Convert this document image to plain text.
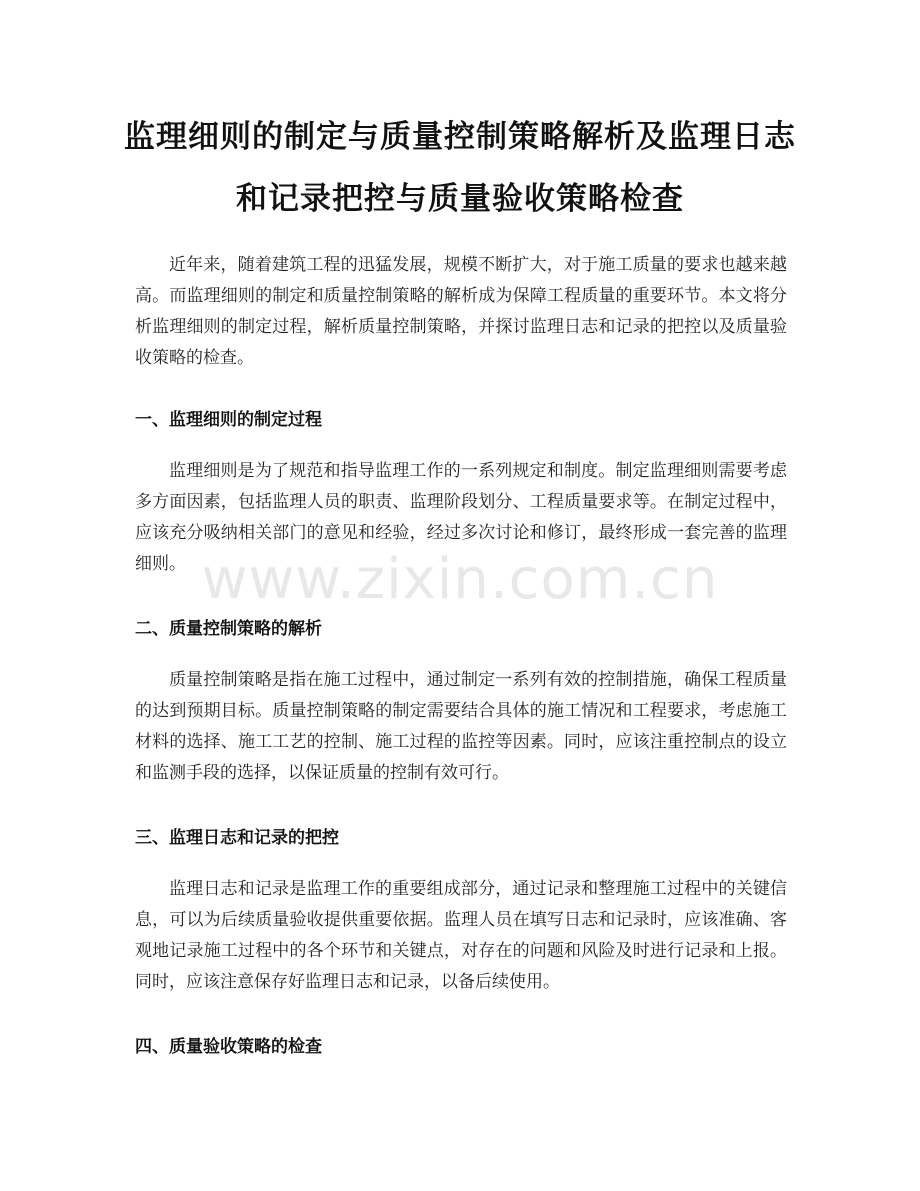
监理细则的制定与质量控制策略解析及监理日志和记录把控与质量验收策略检查

近年来，随着建筑工程的迅猛发展，规模不断扩大，对于施工质量的要求也越来越高。而监理细则的制定和质量控制策略的解析成为保障工程质量的重要环节。本文将分析监理细则的制定过程，解析质量控制策略，并探讨监理日志和记录的把控以及质量验收策略的检查。

一、监理细则的制定过程

监理细则是为了规范和指导监理工作的一系列规定和制度。制定监理细则需要考虑多方面因素，包括监理人员的职责、监理阶段划分、工程质量要求等。在制定过程中，应该充分吸纳相关部门的意见和经验，经过多次讨论和修订，最终形成一套完善的监理细则。

二、质量控制策略的解析

质量控制策略是指在施工过程中，通过制定一系列有效的控制措施，确保工程质量的达到预期目标。质量控制策略的制定需要结合具体的施工情况和工程要求，考虑施工材料的选择、施工工艺的控制、施工过程的监控等因素。同时，应该注重控制点的设立和监测手段的选择，以保证质量的控制有效可行。

三、监理日志和记录的把控

监理日志和记录是监理工作的重要组成部分，通过记录和整理施工过程中的关键信息，可以为后续质量验收提供重要依据。监理人员在填写日志和记录时，应该准确、客观地记录施工过程中的各个环节和关键点，对存在的问题和风险及时进行记录和上报。同时，应该注意保存好监理日志和记录，以备后续使用。

四、质量验收策略的检查
www.zixin.com.cn
